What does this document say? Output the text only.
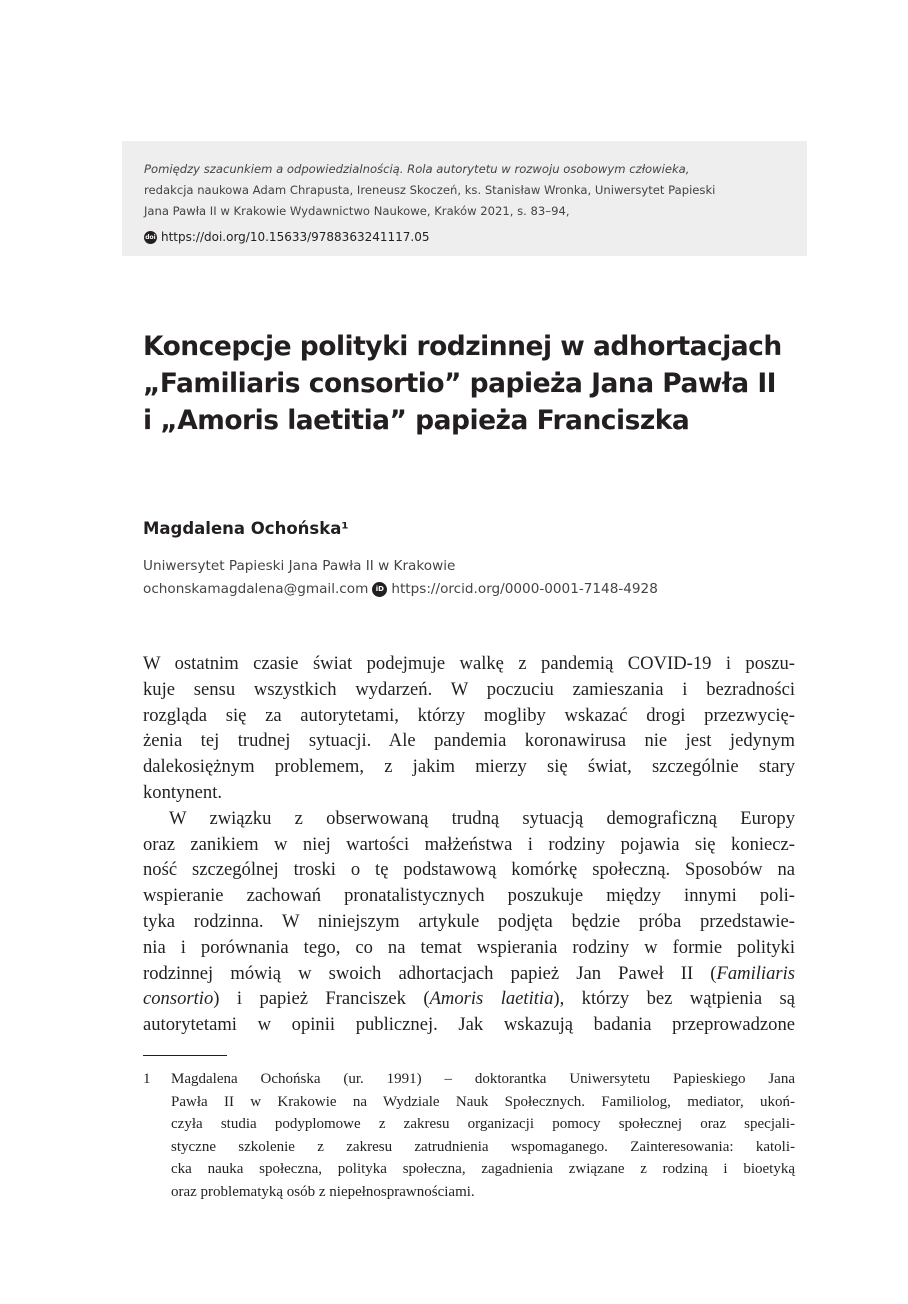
Pomiędzy szacunkiem a odpowiedzialnością. Rola autorytetu w rozwoju osobowym człowieka,
redakcja naukowa Adam Chrapusta, Ireneusz Skoczeń, ks. Stanisław Wronka, Uniwersytet Papieski
Jana Pawła II w Krakowie Wydawnictwo Naukowe, Kraków 2021, s. 83–94,
doi https://doi.org/10.15633/9788363241117.05
Koncepcje polityki rodzinnej w adhortacjach
„Familiaris consortio” papieża Jana Pawła II
i „Amoris laetitia” papieża Franciszka
Magdalena Ochońska¹
Uniwersytet Papieski Jana Pawła II w Krakowie
ochonskamagdalena@gmail.com	iD https://orcid.org/0000-0001-7148-4928
W ostatnim czasie świat podejmuje walkę z pandemią COVID-19 i poszu-
kuje sensu wszystkich wydarzeń. W poczuciu zamieszania i bezradności
rozgląda się za autorytetami, którzy mogliby wskazać drogi przezwycię-
żenia tej trudnej sytuacji. Ale pandemia koronawirusa nie jest jedynym
dalekosiężnym problemem, z jakim mierzy się świat, szczególnie stary
kontynent.
W związku z obserwowaną trudną sytuacją demograficzną Europy
oraz zanikiem w niej wartości małżeństwa i rodziny pojawia się koniecz-
ność szczególnej troski o tę podstawową komórkę społeczną. Sposobów na
wspieranie zachowań pronatalistycznych poszukuje między innymi poli-
tyka rodzinna. W niniejszym artykule podjęta będzie próba przedstawie-
nia i porównania tego, co na temat wspierania rodziny w formie polityki
rodzinnej mówią w swoich adhortacjach papież Jan Paweł II (Familiaris
consortio) i papież Franciszek (Amoris laetitia), którzy bez wątpienia są
autorytetami w opinii publicznej. Jak wskazują badania przeprowadzone
1 Magdalena Ochońska (ur. 1991) – doktorantka Uniwersytetu Papieskiego Jana
Pawła II w Krakowie na Wydziale Nauk Społecznych. Familiolog, mediator, ukoń-
czyła studia podyplomowe z zakresu organizacji pomocy społecznej oraz specjali-
styczne szkolenie z zakresu zatrudnienia wspomaganego. Zainteresowania: katoli-
cka nauka społeczna, polityka społeczna, zagadnienia związane z rodziną i bioetyką
oraz problematyką osób z niepełnosprawnościami.
